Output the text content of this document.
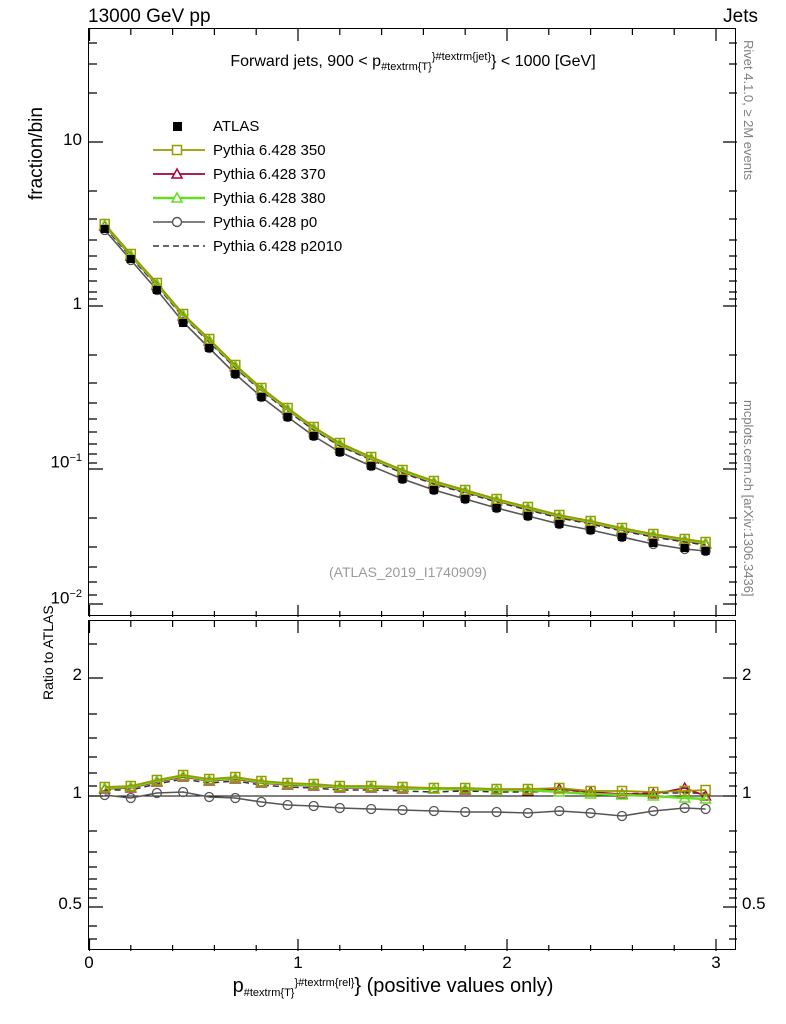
13000 GeV pp	Jets
Rivet 4.1.0, ≥ 2M events
mcplots.cern.ch [arXiv:1306.3436]
fraction/bin
Ratio to ATLAS
Forward jets, $900 < p_{\#textrm\{T\}}^{\}\#textrm\{jet\}}\} < 1000$ [GeV]
ATLAS
Pythia 6.428 350
Pythia 6.428 370
Pythia 6.428 380
Pythia 6.428 p0
Pythia 6.428 p2010
(ATLAS_2019_I1740909)
10
1
$10^{-1}$
$10^{-2}$
2
1
0.5
2
1
0.5
0	1	2	3
$p_{\#textrm\{T\}}^{\}\#textrm\{rel\}}$} (positive values only)
